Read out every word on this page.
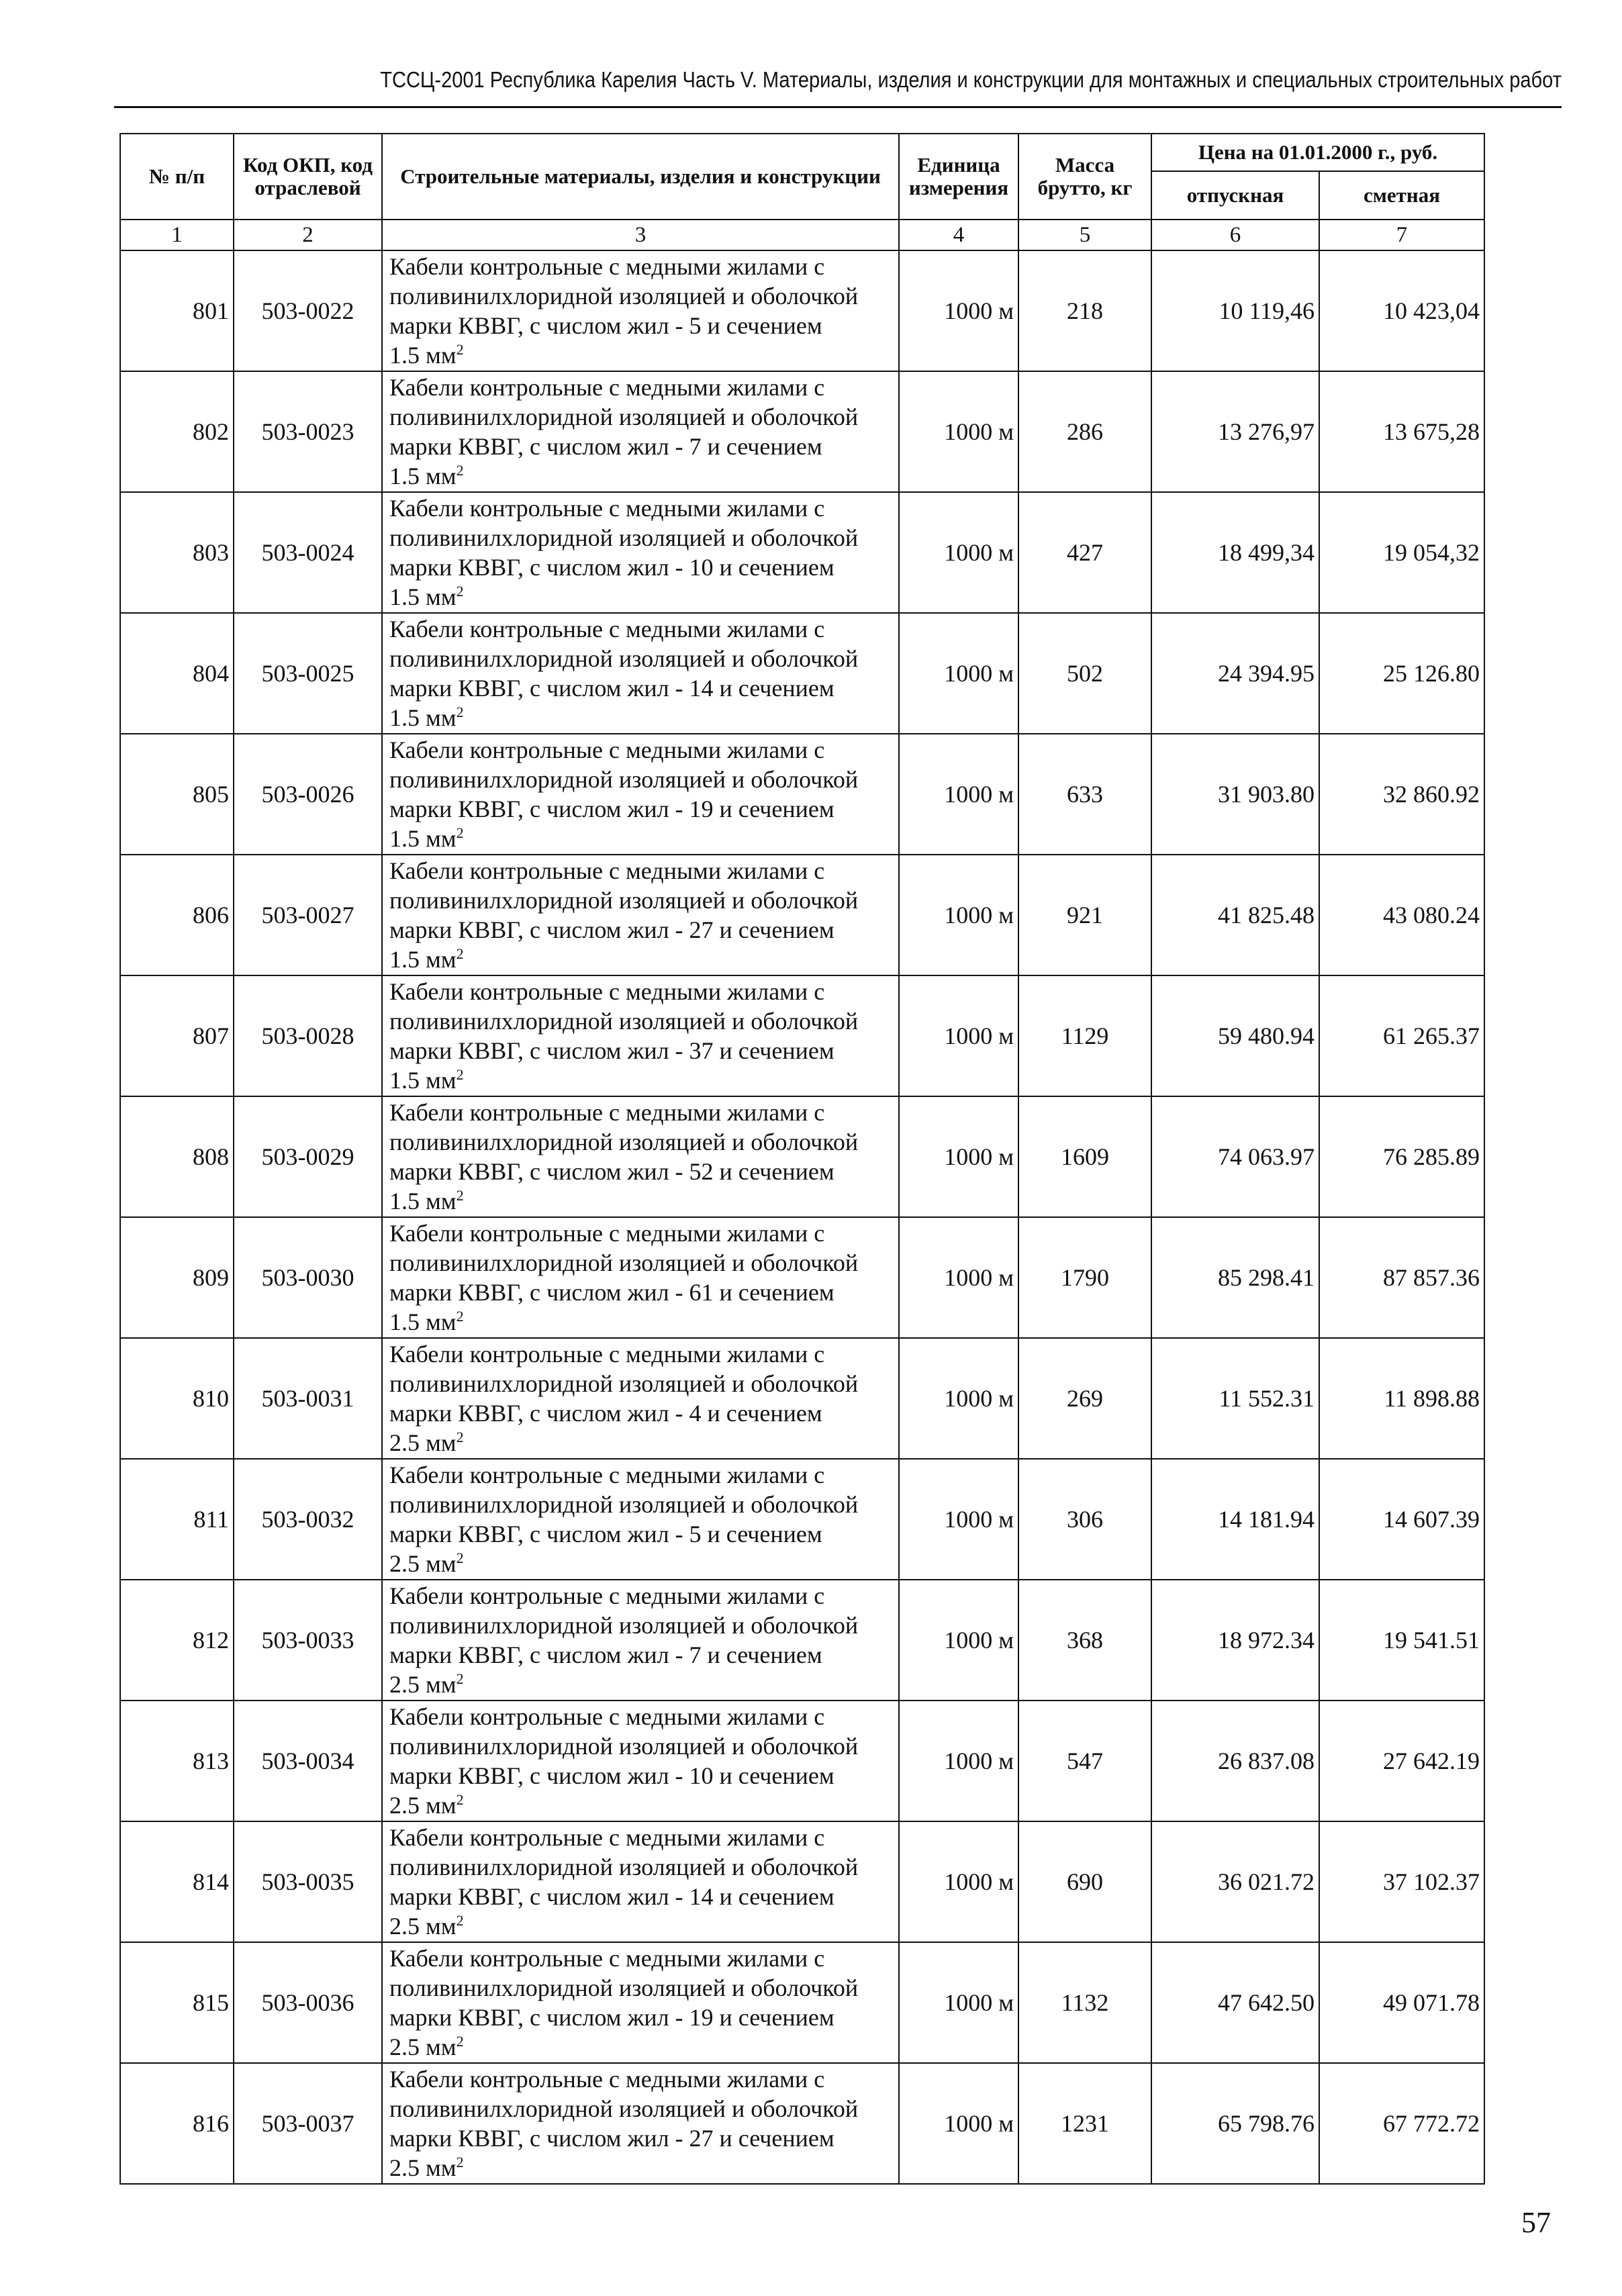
ТССЦ-2001 Республика Карелия Часть V. Материалы, изделия и конструкции для монтажных и специальных строительных работ
№ п/п	Код ОКП, код отраслевой	Строительные материалы, изделия и конструкции	Единица измерения	Масса брутто, кг	Цена на 01.01.2000 г., руб.	
					отпускная	сметная
1	2	3	4	5	6	7
801	503-0022	Кабели контрольные с медными жилами с
поливинилхлоридной изоляцией и оболочкой
марки КВВГ, с числом жил - 5 и сечением
1.5 $мм^2$	1000 м	218	10 119,46	10 423,04
802	503-0023	Кабели контрольные с медными жилами с
поливинилхлоридной изоляцией и оболочкой
марки КВВГ, с числом жил - 7 и сечением
1.5 $мм^2$	1000 м	286	13 276,97	13 675,28
803	503-0024	Кабели контрольные с медными жилами с
поливинилхлоридной изоляцией и оболочкой
марки КВВГ, с числом жил - 10 и сечением
1.5 $мм^2$	1000 м	427	18 499,34	19 054,32
804	503-0025	Кабели контрольные с медными жилами с
поливинилхлоридной изоляцией и оболочкой
марки КВВГ, с числом жил - 14 и сечением
1.5 $мм^2$	1000 м	502	24 394.95	25 126.80
805	503-0026	Кабели контрольные с медными жилами с
поливинилхлоридной изоляцией и оболочкой
марки КВВГ, с числом жил - 19 и сечением
1.5 $мм^2$	1000 м	633	31 903.80	32 860.92
806	503-0027	Кабели контрольные с медными жилами с
поливинилхлоридной изоляцией и оболочкой
марки КВВГ, с числом жил - 27 и сечением
1.5 $мм^2$	1000 м	921	41 825.48	43 080.24
807	503-0028	Кабели контрольные с медными жилами с
поливинилхлоридной изоляцией и оболочкой
марки КВВГ, с числом жил - 37 и сечением
1.5 $мм^2$	1000 м	1129	59 480.94	61 265.37
808	503-0029	Кабели контрольные с медными жилами с
поливинилхлоридной изоляцией и оболочкой
марки КВВГ, с числом жил - 52 и сечением
1.5 $мм^2$	1000 м	1609	74 063.97	76 285.89
809	503-0030	Кабели контрольные с медными жилами с
поливинилхлоридной изоляцией и оболочкой
марки КВВГ, с числом жил - 61 и сечением
1.5 $мм^2$	1000 м	1790	85 298.41	87 857.36
810	503-0031	Кабели контрольные с медными жилами с
поливинилхлоридной изоляцией и оболочкой
марки КВВГ, с числом жил - 4 и сечением
2.5 $мм^2$	1000 м	269	11 552.31	11 898.88
811	503-0032	Кабели контрольные с медными жилами с
поливинилхлоридной изоляцией и оболочкой
марки КВВГ, с числом жил - 5 и сечением
2.5 $мм^2$	1000 м	306	14 181.94	14 607.39
812	503-0033	Кабели контрольные с медными жилами с
поливинилхлоридной изоляцией и оболочкой
марки КВВГ, с числом жил - 7 и сечением
2.5 $мм^2$	1000 м	368	18 972.34	19 541.51
813	503-0034	Кабели контрольные с медными жилами с
поливинилхлоридной изоляцией и оболочкой
марки КВВГ, с числом жил - 10 и сечением
2.5 $мм^2$	1000 м	547	26 837.08	27 642.19
814	503-0035	Кабели контрольные с медными жилами с
поливинилхлоридной изоляцией и оболочкой
марки КВВГ, с числом жил - 14 и сечением
2.5 $мм^2$	1000 м	690	36 021.72	37 102.37
815	503-0036	Кабели контрольные с медными жилами с
поливинилхлоридной изоляцией и оболочкой
марки КВВГ, с числом жил - 19 и сечением
2.5 $мм^2$	1000 м	1132	47 642.50	49 071.78
816	503-0037	Кабели контрольные с медными жилами с
поливинилхлоридной изоляцией и оболочкой
марки КВВГ, с числом жил - 27 и сечением
2.5 $мм^2$	1000 м	1231	65 798.76	67 772.72
57
